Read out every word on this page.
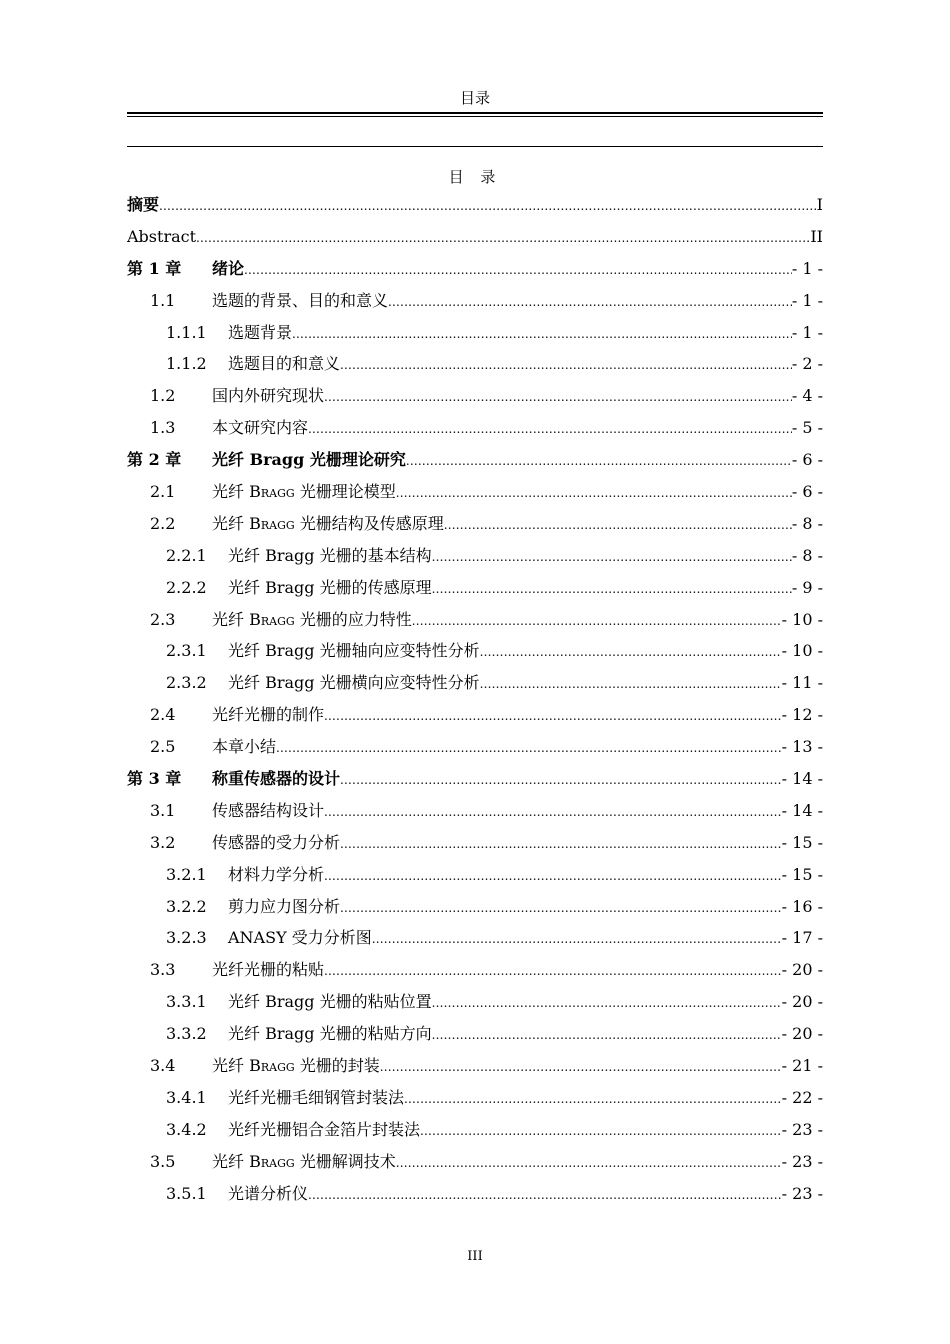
目录
目 录
摘要 .....	I
Abstract .....	II
第 1 章	绪论 .....	- 1 -
1.1	选题的背景、目的和意义 .....	- 1 -
1.1.1	选题背景 .....	- 1 -
1.1.2	选题目的和意义 .....	- 2 -
1.2	国内外研究现状 .....	- 4 -
1.3	本文研究内容 .....	- 5 -
第 2 章	光纤 Bragg 光栅理论研究 .....	- 6 -
2.1	光纤 Bragg 光栅理论模型 .....	- 6 -
2.2	光纤 Bragg 光栅结构及传感原理 .....	- 8 -
2.2.1	光纤 Bragg 光栅的基本结构 .....	- 8 -
2.2.2	光纤 Bragg 光栅的传感原理 .....	- 9 -
2.3	光纤 Bragg 光栅的应力特性 .....	- 10 -
2.3.1	光纤 Bragg 光栅轴向应变特性分析 .....	- 10 -
2.3.2	光纤 Bragg 光栅横向应变特性分析 .....	- 11 -
2.4	光纤光栅的制作 .....	- 12 -
2.5	本章小结 .....	- 13 -
第 3 章	称重传感器的设计 .....	- 14 -
3.1	传感器结构设计 .....	- 14 -
3.2	传感器的受力分析 .....	- 15 -
3.2.1	材料力学分析 .....	- 15 -
3.2.2	剪力应力图分析 .....	- 16 -
3.2.3	ANASY 受力分析图 .....	- 17 -
3.3	光纤光栅的粘贴 .....	- 20 -
3.3.1	光纤 Bragg 光栅的粘贴位置 .....	- 20 -
3.3.2	光纤 Bragg 光栅的粘贴方向 .....	- 20 -
3.4	光纤 Bragg 光栅的封装 .....	- 21 -
3.4.1	光纤光栅毛细钢管封装法 .....	- 22 -
3.4.2	光纤光栅铝合金箔片封装法 .....	- 23 -
3.5	光纤 Bragg 光栅解调技术 .....	- 23 -
3.5.1	光谱分析仪 .....	- 23 -
III
